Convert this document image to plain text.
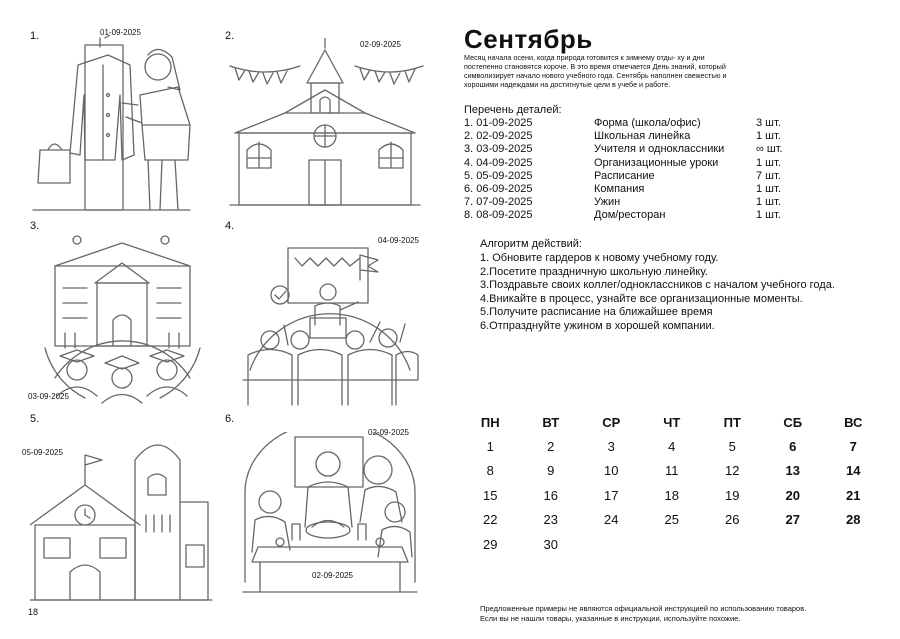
1.	01-09-2025	2.
02-09-2025
3.
03-09-2025
4.
04-09-2025
5.
05-09-2025
6.
02-09-2025
02-09-2025
18
Сентябрь
Месяц начала осени, когда природа готовится к зимнему отды- ху и дни постепенно становятся короче. В это время отмечается День знаний, который символизирует начало нового учебного года. Сентябрь наполнен свежестью и хорошими надеждами на достигнутые цели в учебе и работе.
Перечень деталей:
1. 01-09-2025	Форма (школа/офис)	3 шт.
2. 02-09-2025	Школьная линейка	1 шт.
3. 03-09-2025	Учителя и одноклассники	∞ шт.
4. 04-09-2025	Организационные уроки	1 шт.
5. 05-09-2025	Расписание	7 шт.
6. 06-09-2025	Компания	1 шт.
7. 07-09-2025	Ужин	1 шт.
8. 08-09-2025	Дом/ресторан	1 шт.
Алгоритм действий:
1. Обновите гардеров к новому учебному году.
2.Посетите праздничную школьную линейку.
3.Поздравьте своих коллег/одноклассников с началом учебного года.
4.Вникайте в процесс, узнайте все организационные моменты.
5.Получите расписание на ближайшее время
6.Отпразднуйте ужином в хорошей компании.
ПН	ВТ	СР	ЧТ	ПТ	СБ	ВС
1	2	3	4	5	6	7
8	9	10	11	12	13	14
15	16	17	18	19	20	21
22	23	24	25	26	27	28
29	30					
Предложенные примеры не являются официальной инструкцией по использованию товаров.
Если вы не нашли товары, указанные в инструкции, используйте похожие.
